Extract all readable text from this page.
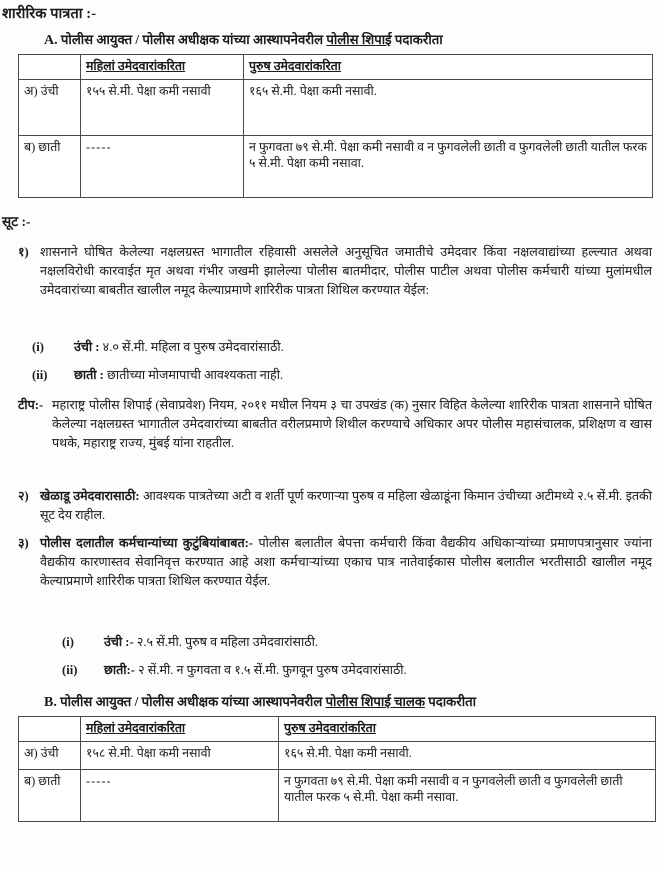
शारीरिक पात्रता :-
A. पोलीस आयुक्त / पोलीस अधीक्षक यांच्या आस्थापनेवरील पोलीस शिपाई पदाकरीता
	महिलां उमेदवारांकरिता	पुरुष उमेदवारांकरिता
अ) उंची	१५५ से.मी. पेक्षा कमी नसावी	१६५ से.मी. पेक्षा कमी नसावी.
ब) छाती	-----	न फुगवता ७९ से.मी. पेक्षा कमी नसावी व न फुगवलेली छाती व फुगवलेली छाती यातील फरक ५ से.मी. पेक्षा कमी नसावा.
सूट :-
१) शासनाने घोषित केलेल्या नक्षलग्रस्त भागातील रहिवासी असलेले अनुसूचित जमातीचे उमेदवार किंवा नक्षलवाद्यांच्या हल्ल्यात अथवा नक्षलविरोधी कारवाईत मृत अथवा गंभीर जखमी झालेल्या पोलीस बातमीदार, पोलीस पाटील अथवा पोलीस कर्मचारी यांच्या मुलांमधील उमेदवारांच्या बाबतीत खालील नमूद केल्याप्रमाणे शारिरीक पात्रता शिथिल करण्यात येईल:
(i) उंची : ४.० सें.मी. महिला व पुरुष उमेदवारांसाठी.
(ii) छाती : छातीच्या मोजमापाची आवश्यकता नाही.
टीप:- महाराष्ट्र पोलीस शिपाई (सेवाप्रवेश) नियम, २०११ मधील नियम ३ चा उपखंड (क) नुसार विहित केलेल्या शारिरीक पात्रता शासनाने घोषित केलेल्या नक्षलग्रस्त भागातील उमेदवारांच्या बाबतीत वरीलप्रमाणे शिथील करण्याचे अधिकार अपर पोलीस महासंचालक, प्रशिक्षण व खास पथके, महाराष्ट्र राज्य, मुंबई यांना राहतील.
२) खेळाडू उमेदवारासाठी: आवश्यक पात्रतेच्या अटी व शर्ती पूर्ण करणाऱ्या पुरुष व महिला खेळाडूंना किमान उंचीच्या अटीमध्ये २.५ सें.मी. इतकी सूट देय राहील.
३) पोलीस दलातील कर्मचान्यांच्या कुटुंबियांबाबत:- पोलीस बलातील बेपत्ता कर्मचारी किंवा वैद्यकीय अधिकाऱ्यांच्या प्रमाणपत्रानुसार ज्यांना वैद्यकीय कारणास्तव सेवानिवृत्त करण्यात आहे अशा कर्मचाऱ्यांच्या एकाच पात्र नातेवाईकास पोलीस बलातील भरतीसाठी खालील नमूद केल्याप्रमाणे शारिरीक पात्रता शिथिल करण्यात येईल.
(i) उंची :- २.५ सें.मी. पुरुष व महिला उमेदवारांसाठी.
(ii) छाती:- २ सें.मी. न फुगवता व १.५ सें.मी. फुगवून पुरुष उमेदवारांसाठी.
B. पोलीस आयुक्त / पोलीस अधीक्षक यांच्या आस्थापनेवरील पोलीस शिपाई चालक पदाकरीता
	महिलां उमेदवारांकरिता	पुरुष उमेदवारांकरिता
अ) उंची	१५८ से.मी. पेक्षा कमी नसावी	१६५ से.मी. पेक्षा कमी नसावी.
ब) छाती	-----	न फुगवता ७९ से.मी. पेक्षा कमी नसावी व न फुगवलेली छाती व फुगवलेली छाती यातील फरक ५ से.मी. पेक्षा कमी नसावा.
